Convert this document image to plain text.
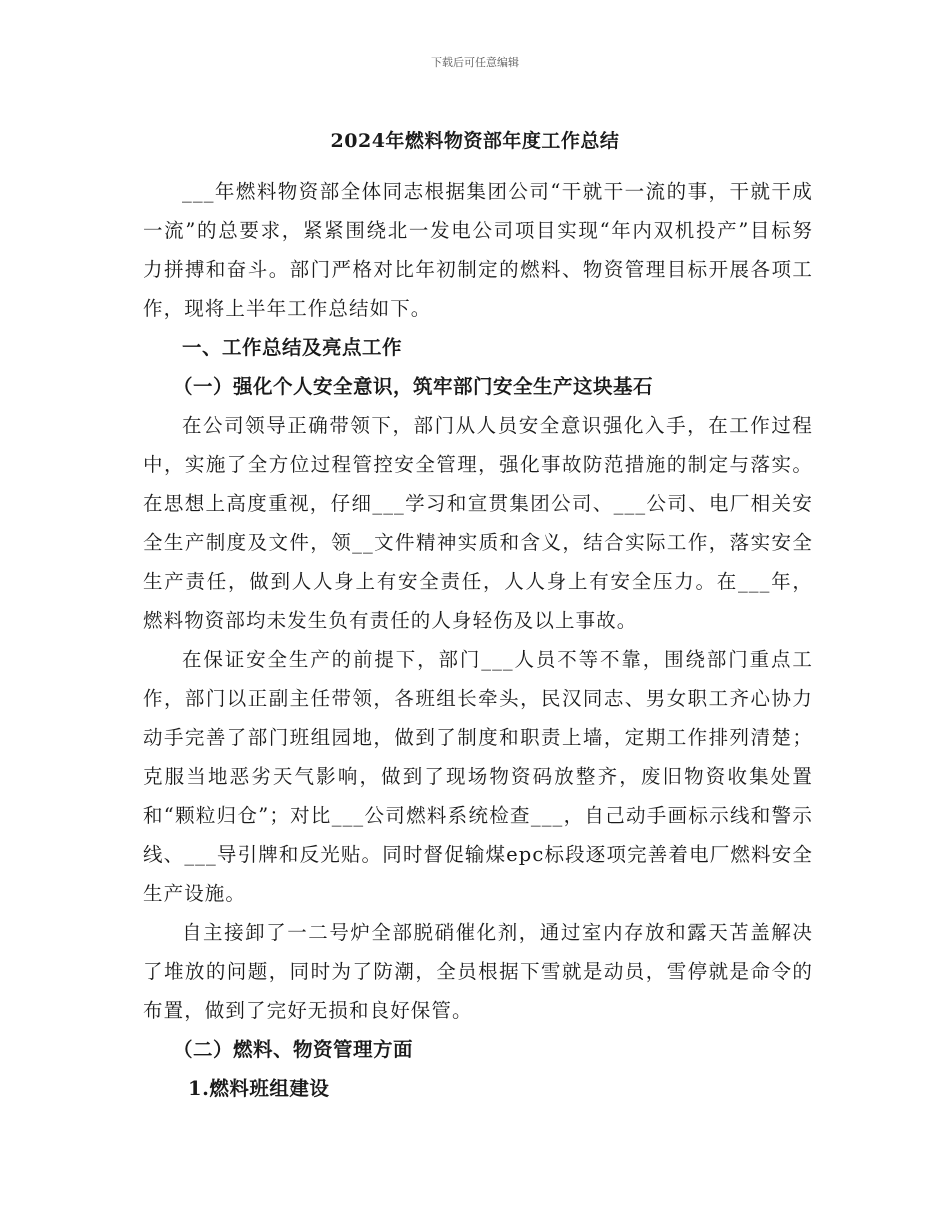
下载后可任意编辑
2024年燃料物资部年度工作总结

___年燃料物资部全体同志根据集团公司“干就干一流的事，干就干成一流”的总要求，紧紧围绕北一发电公司项目实现“年内双机投产”目标努力拼搏和奋斗。部门严格对比年初制定的燃料、物资管理目标开展各项工作，现将上半年工作总结如下。

一、工作总结及亮点工作

（一）强化个人安全意识，筑牢部门安全生产这块基石

在公司领导正确带领下，部门从人员安全意识强化入手，在工作过程中，实施了全方位过程管控安全管理，强化事故防范措施的制定与落实。在思想上高度重视，仔细___学习和宣贯集团公司、___公司、电厂相关安全生产制度及文件，领__文件精神实质和含义，结合实际工作，落实安全生产责任，做到人人身上有安全责任，人人身上有安全压力。在___年，燃料物资部均未发生负有责任的人身轻伤及以上事故。

在保证安全生产的前提下，部门___人员不等不靠，围绕部门重点工作，部门以正副主任带领，各班组长牵头，民汉同志、男女职工齐心协力动手完善了部门班组园地，做到了制度和职责上墙，定期工作排列清楚；克服当地恶劣天气影响，做到了现场物资码放整齐，废旧物资收集处置和“颗粒归仓”；对比___公司燃料系统检查___，自己动手画标示线和警示线、___导引牌和反光贴。同时督促输煤epc标段逐项完善着电厂燃料安全生产设施。

自主接卸了一二号炉全部脱硝催化剂，通过室内存放和露天苫盖解决了堆放的问题，同时为了防潮，全员根据下雪就是动员，雪停就是命令的布置，做到了完好无损和良好保管。

（二）燃料、物资管理方面

1.燃料班组建设
